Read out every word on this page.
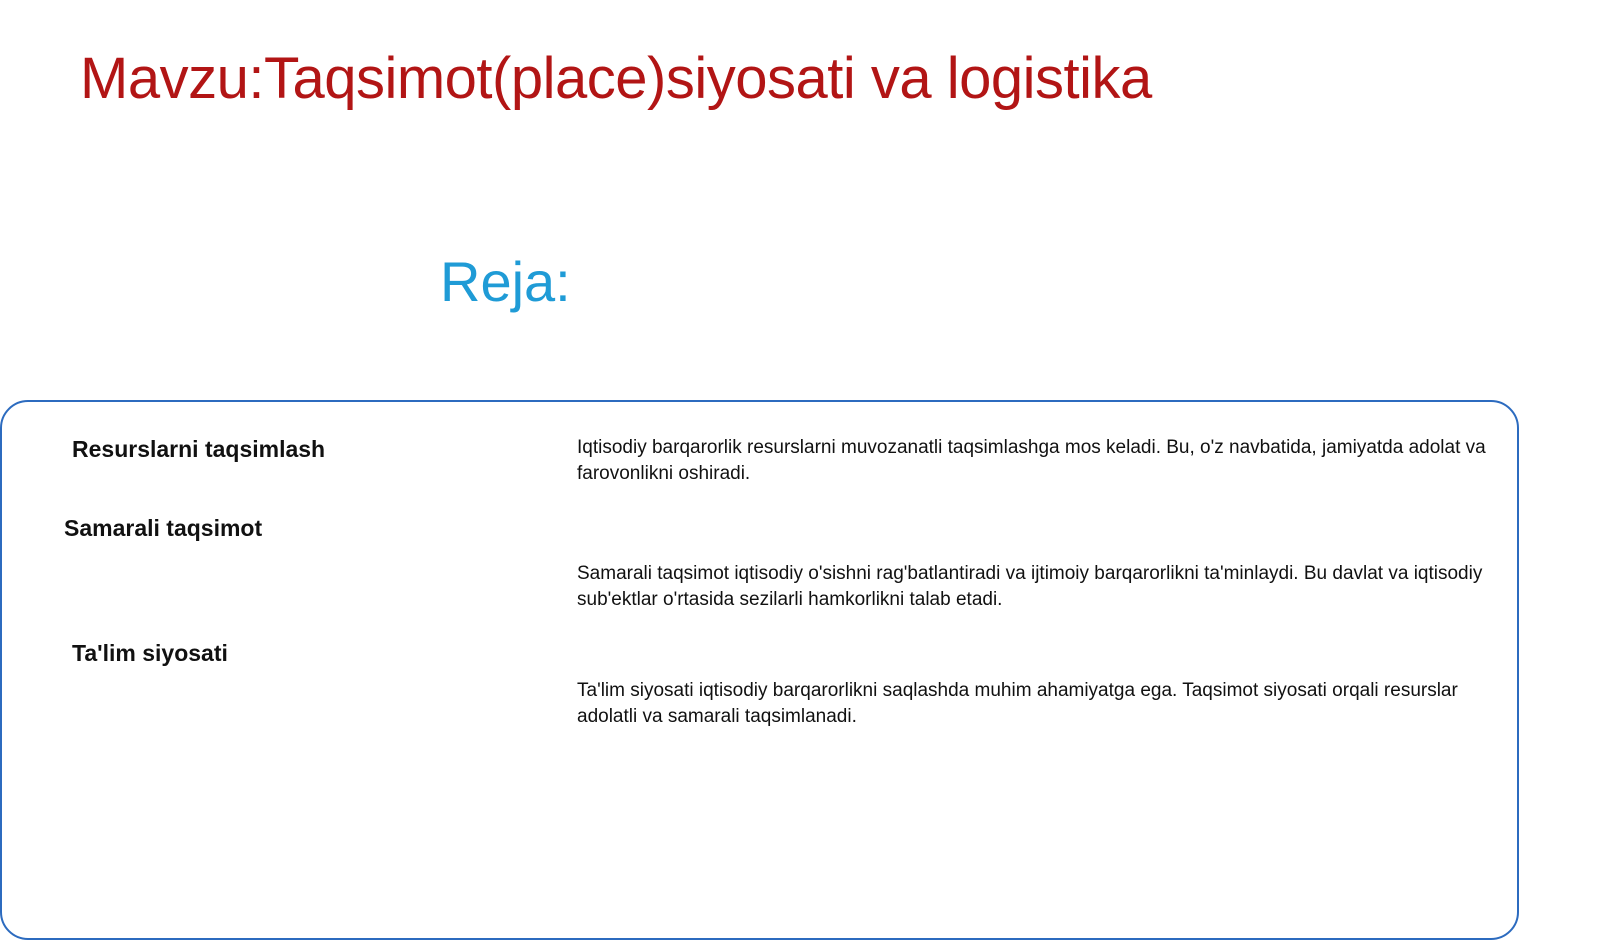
Mavzu:Taqsimot(place)siyosati va logistika
Reja:
Resurslarni taqsimlash	Iqtisodiy barqarorlik resurslarni muvozanatli taqsimlashga mos keladi. Bu, o'z navbatida, jamiyatda adolat va farovonlikni oshiradi.

Samarali taqsimot

Samarali taqsimot iqtisodiy o'sishni rag'batlantiradi va ijtimoiy barqarorlikni ta'minlaydi. Bu davlat va iqtisodiy sub'ektlar o'rtasida sezilarli hamkorlikni talab etadi.

Ta'lim siyosati

Ta'lim siyosati iqtisodiy barqarorlikni saqlashda muhim ahamiyatga ega. Taqsimot siyosati orqali resurslar adolatli va samarali taqsimlanadi.
